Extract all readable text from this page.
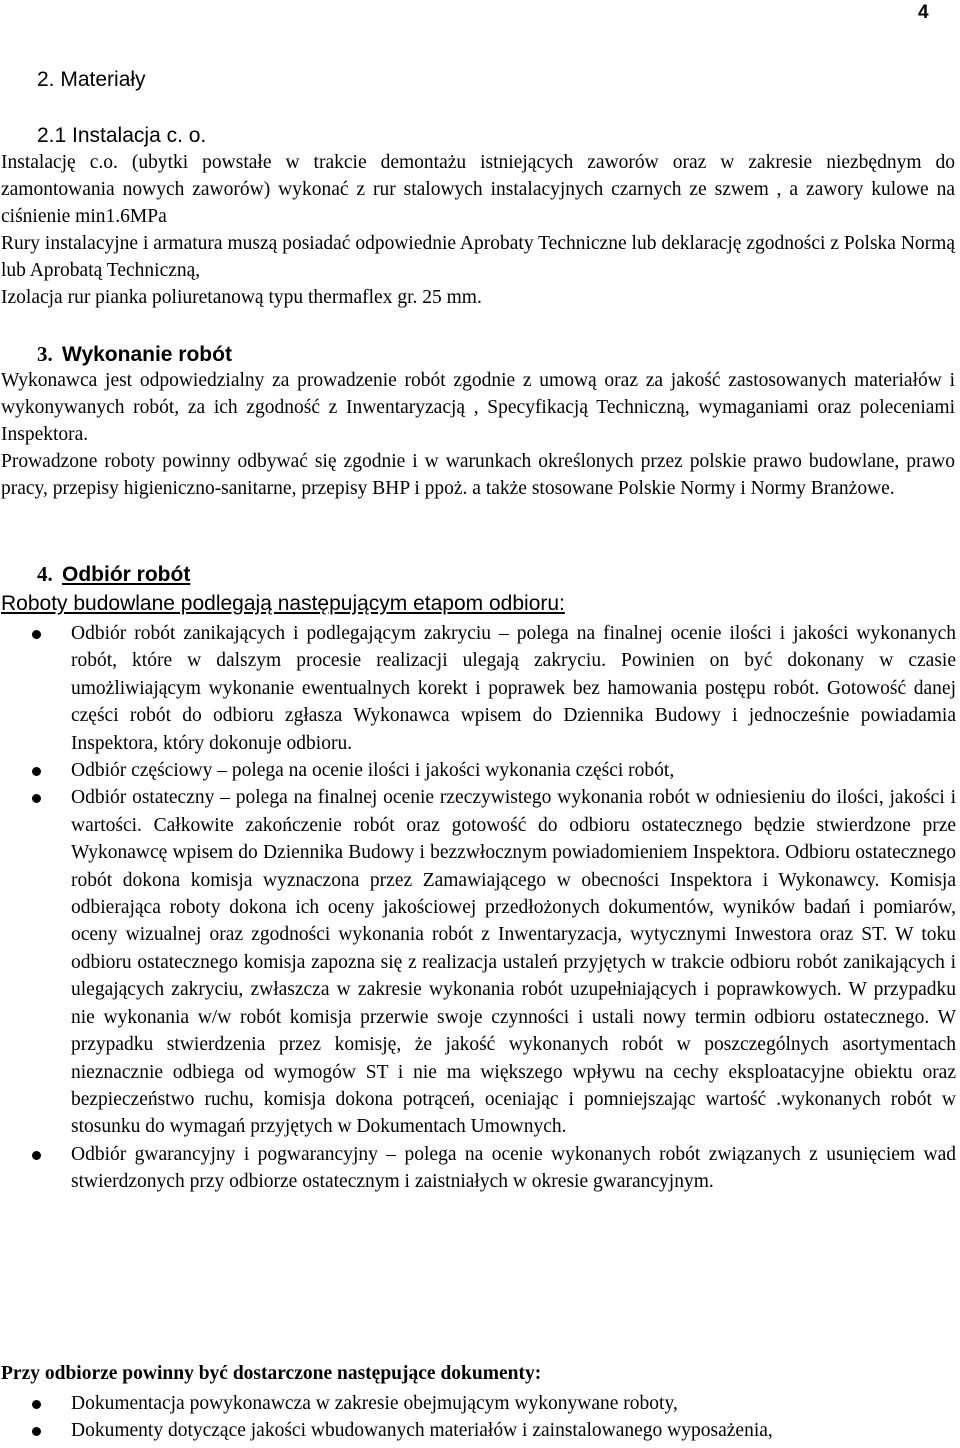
4
2. Materiały
2.1 Instalacja c. o.
Instalację c.o. (ubytki powstałe w trakcie demontażu istniejących zaworów oraz w zakresie niezbędnym do zamontowania nowych zaworów) wykonać z rur stalowych instalacyjnych czarnych ze szwem , a zawory kulowe na ciśnienie min1.6MPa
Rury instalacyjne i armatura muszą posiadać odpowiednie Aprobaty Techniczne lub deklarację zgodności z Polska Normą lub Aprobatą Techniczną,
Izolacja rur pianka poliuretanową typu thermaflex gr. 25 mm.
3. Wykonanie robót
Wykonawca jest odpowiedzialny za prowadzenie robót zgodnie z umową oraz za jakość zastosowanych materiałów i wykonywanych robót, za ich zgodność z Inwentaryzacją , Specyfikacją Techniczną, wymaganiami oraz poleceniami Inspektora.
Prowadzone roboty powinny odbywać się zgodnie i w warunkach określonych przez polskie prawo budowlane, prawo pracy, przepisy higieniczno-sanitarne, przepisy BHP i ppoż. a także stosowane Polskie Normy i Normy Branżowe.
4. Odbiór robót
Roboty budowlane podlegają następującym etapom odbioru:
Odbiór robót zanikających i podlegającym zakryciu – polega na finalnej ocenie ilości i jakości wykonanych robót, które w dalszym procesie realizacji ulegają zakryciu. Powinien on być dokonany w czasie umożliwiającym wykonanie ewentualnych korekt i poprawek bez hamowania postępu robót. Gotowość danej części robót do odbioru zgłasza Wykonawca wpisem do Dziennika Budowy i jednocześnie powiadamia Inspektora, który dokonuje odbioru.
Odbiór częściowy – polega na ocenie ilości i jakości wykonania części robót,
Odbiór ostateczny – polega na finalnej ocenie rzeczywistego wykonania robót w odniesieniu do ilości, jakości i wartości. Całkowite zakończenie robót oraz gotowość do odbioru ostatecznego będzie stwierdzone prze Wykonawcę wpisem do Dziennika Budowy i bezzwłocznym powiadomieniem Inspektora. Odbioru ostatecznego robót dokona komisja wyznaczona przez Zamawiającego w obecności Inspektora i Wykonawcy. Komisja odbierająca roboty dokona ich oceny jakościowej przedłożonych dokumentów, wyników badań i pomiarów, oceny wizualnej oraz zgodności wykonania robót z Inwentaryzacja, wytycznymi Inwestora oraz ST. W toku odbioru ostatecznego komisja zapozna się z realizacja ustaleń przyjętych w trakcie odbioru robót zanikających i ulegających zakryciu, zwłaszcza w zakresie wykonania robót uzupełniających i poprawkowych. W przypadku nie wykonania w/w robót komisja przerwie swoje czynności i ustali nowy termin odbioru ostatecznego. W przypadku stwierdzenia przez komisję, że jakość wykonanych robót w poszczególnych asortymentach nieznacznie odbiega od wymogów ST i nie ma większego wpływu na cechy eksploatacyjne obiektu oraz bezpieczeństwo ruchu, komisja dokona potrąceń, oceniając i pomniejszając wartość .wykonanych robót w stosunku do wymagań przyjętych w Dokumentach Umownych.
Odbiór gwarancyjny i pogwarancyjny – polega na ocenie wykonanych robót związanych z usunięciem wad stwierdzonych przy odbiorze ostatecznym i zaistniałych w okresie gwarancyjnym.
Przy odbiorze powinny być dostarczone następujące dokumenty:
Dokumentacja powykonawcza w zakresie obejmującym wykonywane roboty,
Dokumenty dotyczące jakości wbudowanych materiałów i zainstalowanego wyposażenia,
